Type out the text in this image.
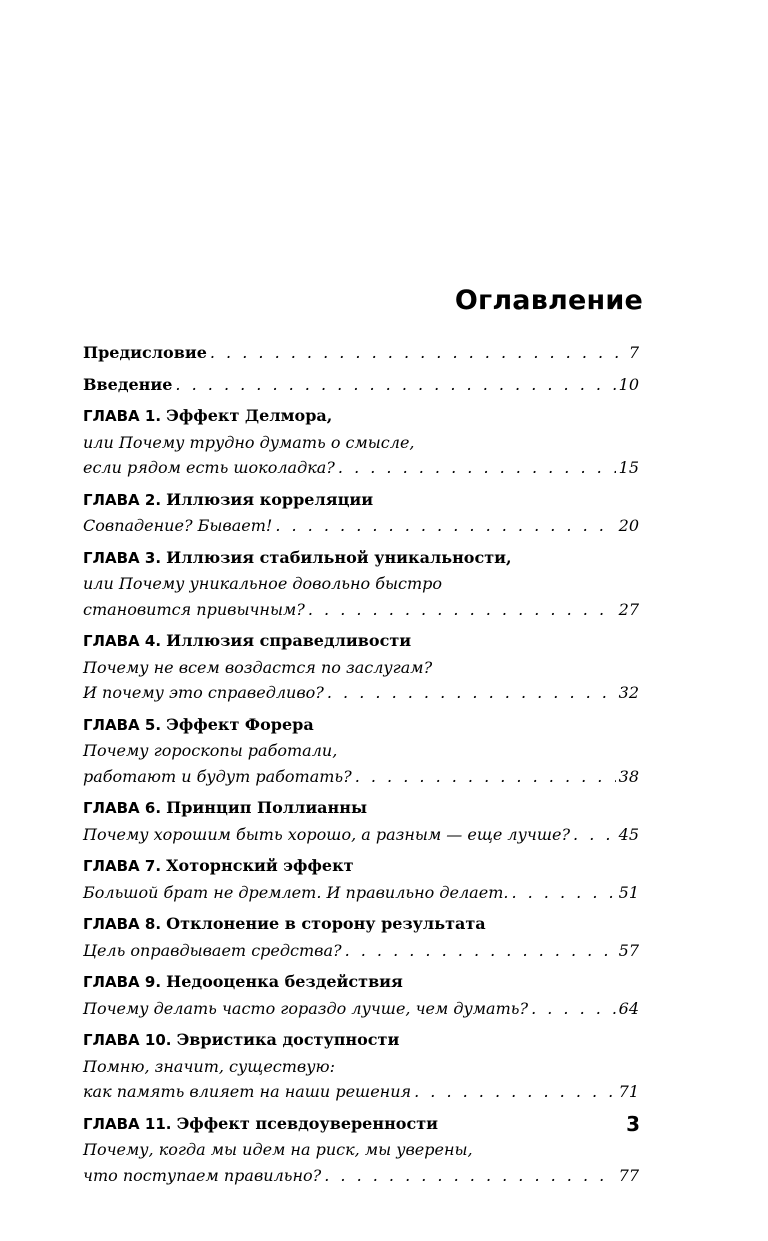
Оглавление
Предисловие . . .	7
Введение . . .	10
ГЛАВА 1.
Эффект Делмора,
или Почему трудно думать о смысле,
если рядом есть шоколадка? . . .	15
ГЛАВА 2.
Иллюзия корреляции
Совпадение? Бывает! . . .	20
ГЛАВА 3.
Иллюзия стабильной уникальности,
или Почему уникальное довольно быстро
становится привычным? . . .	27
ГЛАВА 4.
Иллюзия справедливости
Почему не всем воздастся по заслугам?
И почему это справедливо? . . .	32
ГЛАВА 5.
Эффект Форера
Почему гороскопы работали,
работают и будут работать? . . .	38
ГЛАВА 6.
Принцип Поллианны
Почему хорошим быть хорошо, а разным — еще лучше? . . .	45
ГЛАВА 7.
Хоторнский эффект
Большой брат не дремлет. И правильно делает. . . .	51
ГЛАВА 8.
Отклонение в сторону результата
Цель оправдывает средства? . . .	57
ГЛАВА 9.
Недооценка бездействия
Почему делать часто гораздо лучше, чем думать? . . .	64
ГЛАВА 10.
Эвристика доступности
Помню, значит, существую:
как память влияет на наши решения . . .	71
ГЛАВА 11.
Эффект псевдоуверенности
Почему, когда мы идем на риск, мы уверены,
что поступаем правильно? . . .	77
3
